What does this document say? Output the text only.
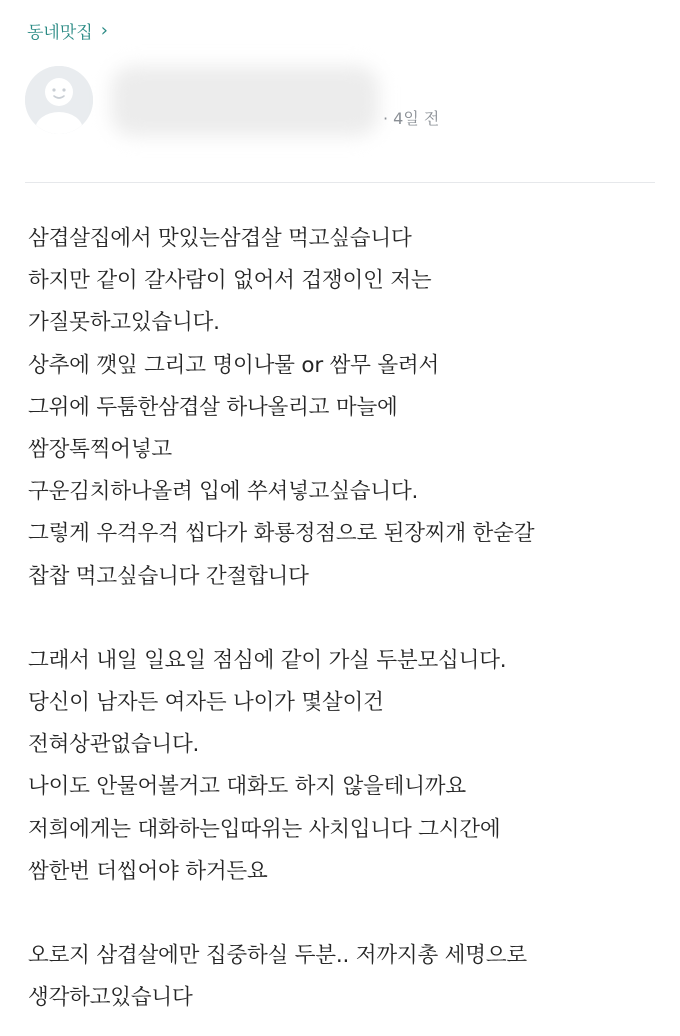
동네맛집 ›
· 4일 전
삼겹살집에서 맛있는삼겹살 먹고싶습니다
하지만 같이 갈사람이 없어서 겁쟁이인 저는
가질못하고있습니다.
상추에 깻잎 그리고 명이나물 or 쌈무 올려서
그위에 두툼한삼겹살 하나올리고 마늘에
쌈장톡찍어넣고
구운김치하나올려 입에 쑤셔넣고싶습니다.
그렇게 우걱우걱 씹다가 화룡정점으로 된장찌개 한숟갈
찹찹 먹고싶습니다 간절합니다
그래서 내일 일요일 점심에 같이 가실 두분모십니다.
당신이 남자든 여자든 나이가 몇살이건
전혀상관없습니다.
나이도 안물어볼거고 대화도 하지 않을테니까요
저희에게는 대화하는입따위는 사치입니다 그시간에
쌈한번 더씹어야 하거든요
오로지 삼겹살에만 집중하실 두분.. 저까지총 세명으로
생각하고있습니다
